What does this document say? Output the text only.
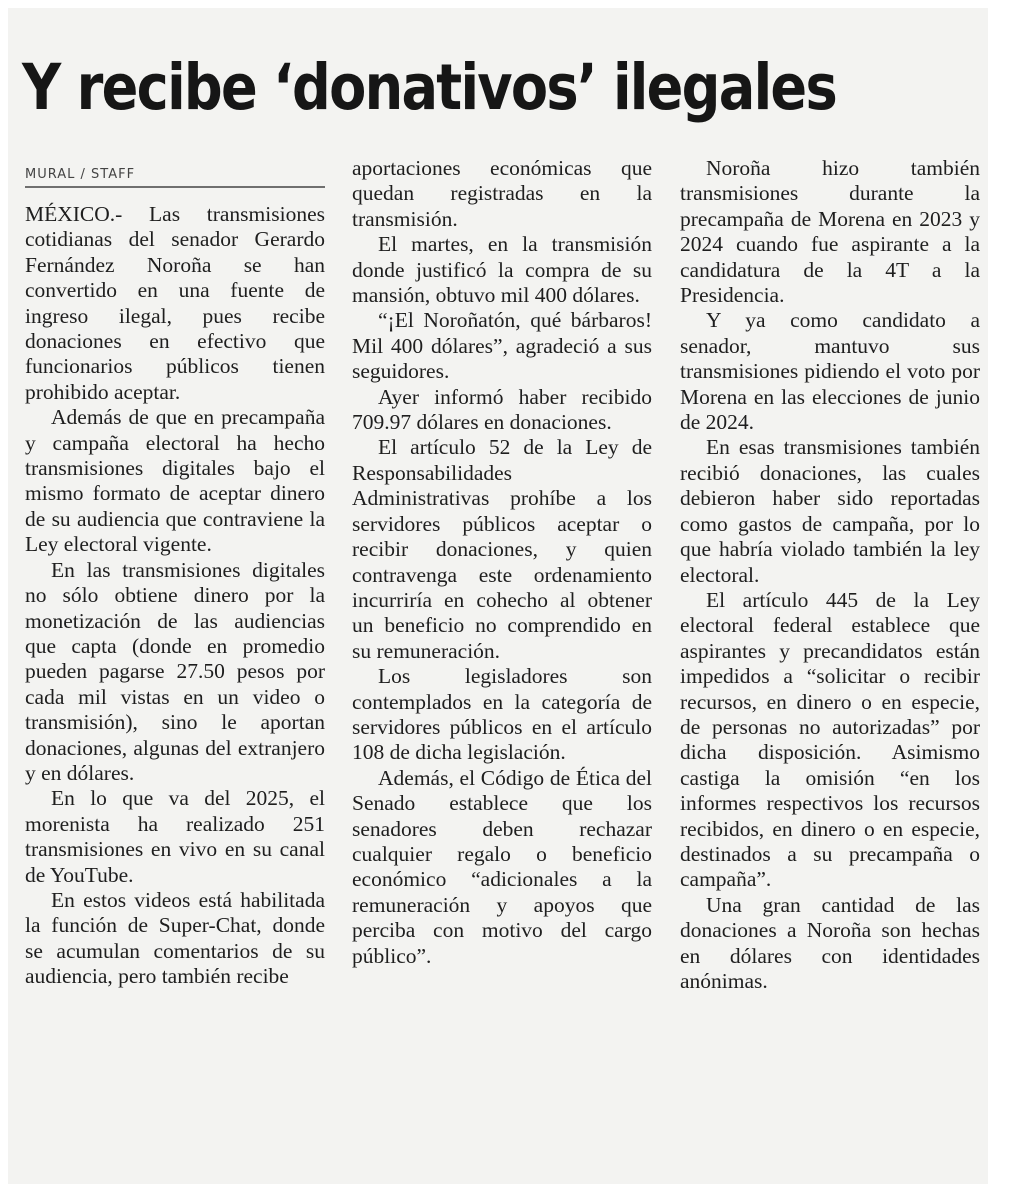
Y recibe ‘donativos’ ilegales
MURAL / STAFF

MÉXICO.- Las transmisiones cotidianas del senador Gerardo Fernández Noroña se han convertido en una fuente de ingreso ilegal, pues recibe donaciones en efectivo que funcionarios públicos tienen prohibido aceptar.

Además de que en precampaña y campaña electoral ha hecho transmisiones digitales bajo el mismo formato de aceptar dinero de su audiencia que contraviene la Ley electoral vigente.

En las transmisiones digitales no sólo obtiene dinero por la monetización de las audiencias que capta (donde en promedio pueden pagarse 27.50 pesos por cada mil vistas en un video o transmisión), sino le aportan donaciones, algunas del extranjero y en dólares.

En lo que va del 2025, el morenista ha realizado 251 transmisiones en vivo en su canal de YouTube.

En estos videos está habilitada la función de Super-Chat, donde se acumulan comentarios de su audiencia, pero también recibe

aportaciones económicas que quedan registradas en la transmisión.

El martes, en la transmisión donde justificó la compra de su mansión, obtuvo mil 400 dólares.

“¡El Noroñatón, qué bárbaros! Mil 400 dólares”, agradeció a sus seguidores.

Ayer informó haber recibido 709.97 dólares en donaciones.

El artículo 52 de la Ley de Responsabilidades Administrativas prohíbe a los servidores públicos aceptar o recibir donaciones, y quien contravenga este ordenamiento incurriría en cohecho al obtener un beneficio no comprendido en su remuneración.

Los legisladores son contemplados en la categoría de servidores públicos en el artículo 108 de dicha legislación.

Además, el Código de Ética del Senado establece que los senadores deben rechazar cualquier regalo o beneficio económico “adicionales a la remuneración y apoyos que perciba con motivo del cargo público”.

Noroña hizo también transmisiones durante la precampaña de Morena en 2023 y 2024 cuando fue aspirante a la candidatura de la 4T a la Presidencia.

Y ya como candidato a senador, mantuvo sus transmisiones pidiendo el voto por Morena en las elecciones de junio de 2024.

En esas transmisiones también recibió donaciones, las cuales debieron haber sido reportadas como gastos de campaña, por lo que habría violado también la ley electoral.

El artículo 445 de la Ley electoral federal establece que aspirantes y precandidatos están impedidos a “solicitar o recibir recursos, en dinero o en especie, de personas no autorizadas” por dicha disposición. Asimismo castiga la omisión “en los informes respectivos los recursos recibidos, en dinero o en especie, destinados a su precampaña o campaña”.

Una gran cantidad de las donaciones a Noroña son hechas en dólares con identidades anónimas.
